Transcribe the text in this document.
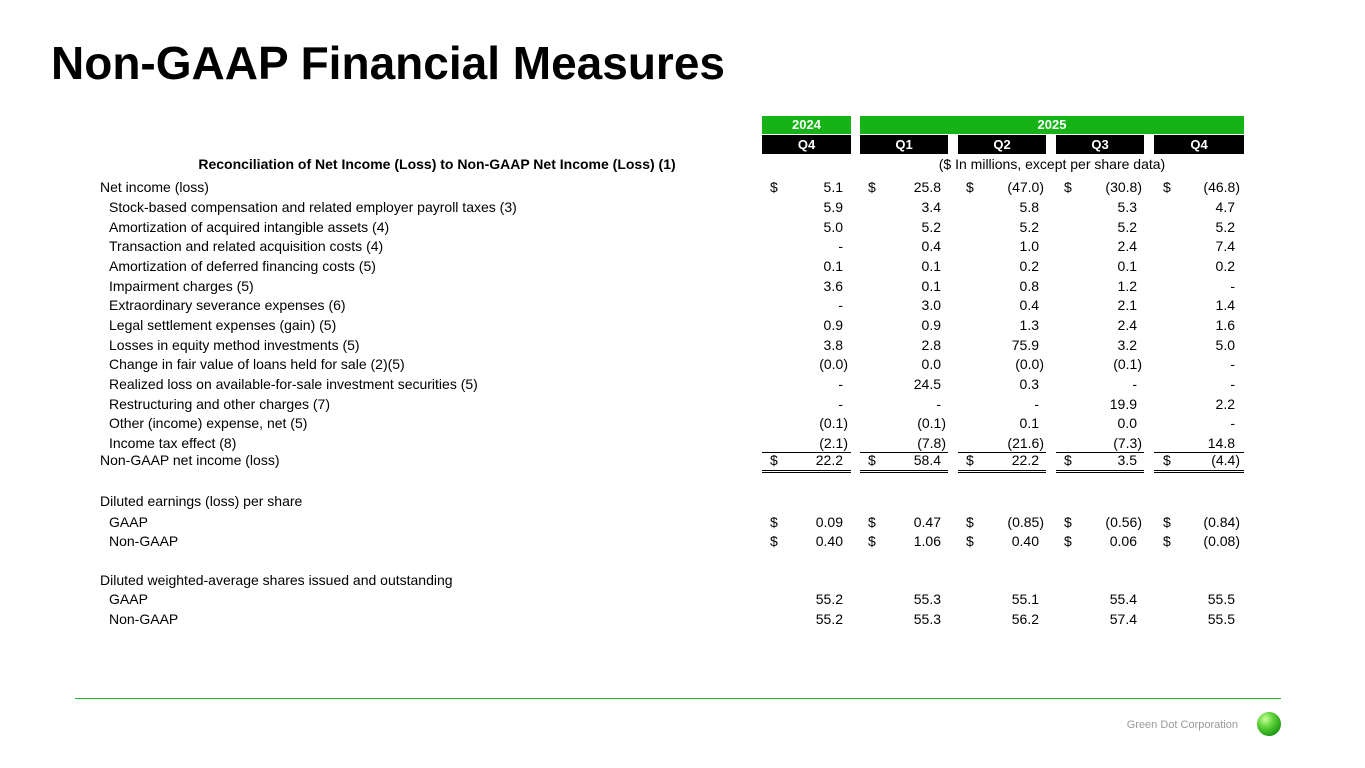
Non-GAAP Financial Measures
2024	2025
Q4	Q1	Q2	Q3	Q4
Reconciliation of Net Income (Loss) to Non-GAAP Net Income (Loss) (1)	($ In millions, except per share data)
Net income (loss)	$	5.1 $	25.8 $	(47.0) $	(30.8) $	(46.8)
Stock-based compensation and related employer payroll taxes (3)	5.9	3.4	5.8	5.3	4.7
Amortization of acquired intangible assets (4)	5.0	5.2	5.2	5.2	5.2
Transaction and related acquisition costs (4)	-	0.4	1.0	2.4	7.4
Amortization of deferred financing costs (5)	0.1	0.1	0.2	0.1	0.2
Impairment charges (5)	3.6	0.1	0.8	1.2	-
Extraordinary severance expenses (6)	-	3.0	0.4	2.1	1.4
Legal settlement expenses (gain) (5)	0.9	0.9	1.3	2.4	1.6
Losses in equity method investments (5)	3.8	2.8	75.9	3.2	5.0
Change in fair value of loans held for sale (2)(5)	(0.0)	0.0	(0.0)	(0.1)	-
Realized loss on available-for-sale investment securities (5)	-	24.5	0.3	-	-
Restructuring and other charges (7)	-	-	-	19.9	2.2
Other (income) expense, net (5)	(0.1)	(0.1)	0.1	0.0	-
Income tax effect (8)	(2.1)	(7.8)	(21.6)	(7.3)	14.8
Non-GAAP net income (loss)	$	22.2 $	58.4 $	22.2 $	3.5 $	(4.4)
Diluted earnings (loss) per share
GAAP	$	0.09 $	0.47 $	(0.85) $	(0.56) $	(0.84)
Non-GAAP	$	0.40 $	1.06 $	0.40 $	0.06 $	(0.08)
Diluted weighted-average shares issued and outstanding
GAAP	55.2	55.3	55.1	55.4	55.5
Non-GAAP	55.2	55.3	56.2	57.4	55.5
Green Dot Corporation
